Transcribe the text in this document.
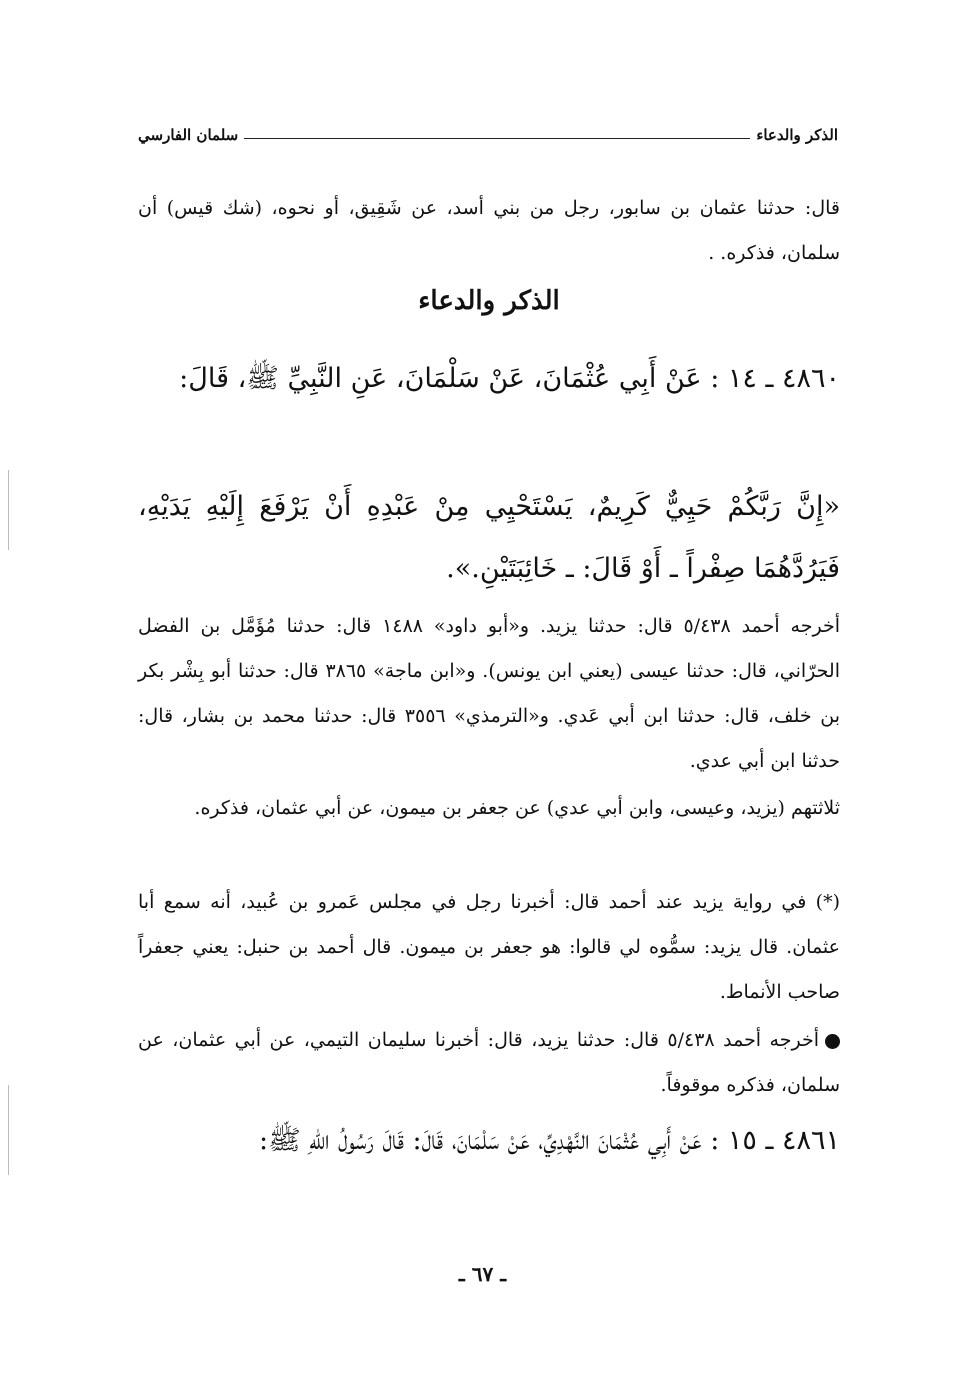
الذكر والدعاء
سلمان الفارسي

قال: حدثنا عثمان بن سابور، رجل من بني أسد، عن شَقِيق، أو نحوه، (شك قيس) أن سلمان، فذكره. .

الذكر والدعاء

٤٨٦٠ ـ ١٤ : عَنْ أَبِي عُثْمَانَ، عَنْ سَلْمَانَ، عَنِ النَّبِيِّ ﷺ، قَالَ:

«إِنَّ رَبَّكُمْ حَيِيٌّ كَرِيمٌ، يَسْتَحْيِي مِنْ عَبْدِهِ أَنْ يَرْفَعَ إِلَيْهِ يَدَيْهِ، فَيَرُدَّهُمَا صِفْراً ـ أَوْ قَالَ: ـ خَائِبَتَيْنِ.».

أخرجه أحمد ٥/٤٣٨ قال: حدثنا يزيد. و«أبو داود» ١٤٨٨ قال: حدثنا مُؤَمَّل بن الفضل الحرّاني، قال: حدثنا عيسى (يعني ابن يونس). و«ابن ماجة» ٣٨٦٥ قال: حدثنا أبو بِشْر بكر بن خلف، قال: حدثنا ابن أبي عَدي. و«الترمذي» ٣٥٥٦ قال: حدثنا محمد بن بشار، قال: حدثنا ابن أبي عدي.

ثلاثتهم (يزيد، وعيسى، وابن أبي عدي) عن جعفر بن ميمون، عن أبي عثمان، فذكره.

(*) في رواية يزيد عند أحمد قال: أخبرنا رجل في مجلس عَمرو بن عُبيد، أنه سمع أبا عثمان. قال يزيد: سمُّوه لي قالوا: هو جعفر بن ميمون. قال أحمد بن حنبل: يعني جعفراً صاحب الأنماط.

أخرجه أحمد ٥/٤٣٨ قال: حدثنا يزيد، قال: أخبرنا سليمان التيمي، عن أبي عثمان، عن سلمان، فذكره موقوفاً.

٤٨٦١ ـ ١٥ : عَنْ أَبِي عُثْمَانَ النَّهْدِيِّ، عَنْ سَلْمَانَ، قَالَ: قَالَ رَسُولُ اللهِ ﷺ:

ـ ٦٧ ـ
